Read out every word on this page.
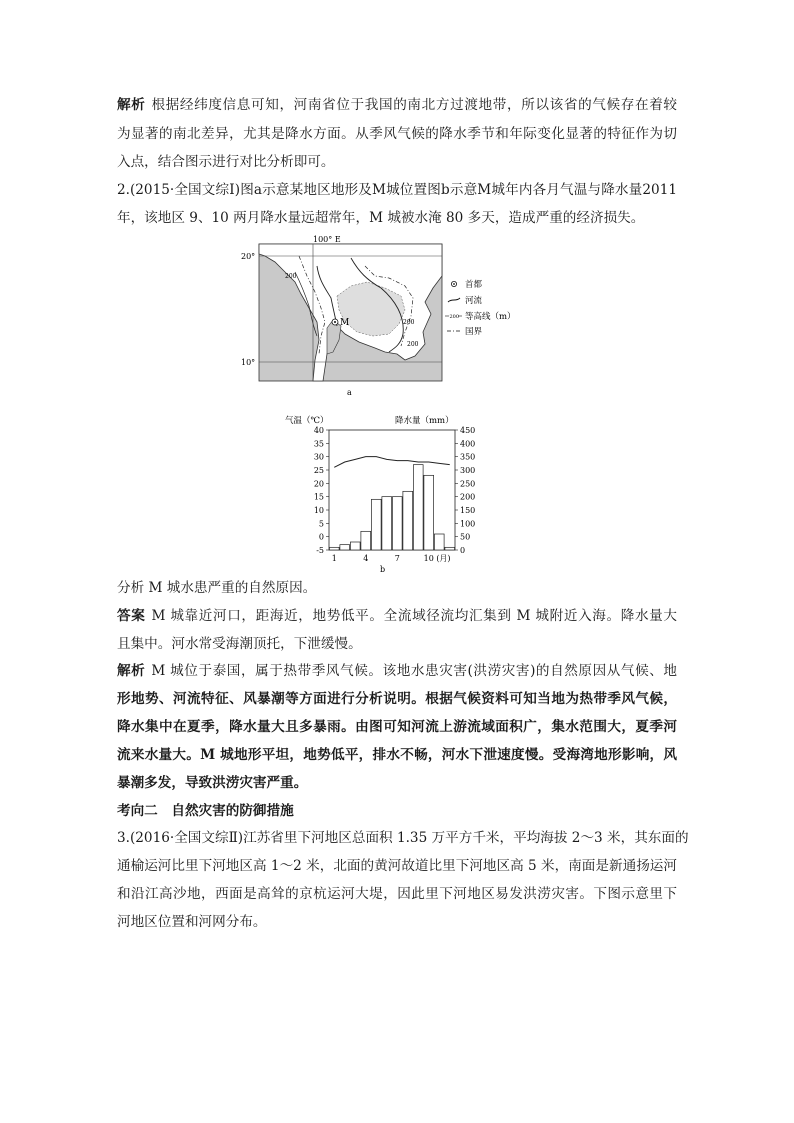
解析 根据经纬度信息可知，河南省位于我国的南北方过渡地带，所以该省的气候存在着较
为显著的南北差异，尤其是降水方面。从季风气候的降水季节和年际变化显著的特征作为切
入点，结合图示进行对比分析即可。
2.(2015·全国文综Ⅰ)图a示意某地区地形及M城位置图b示意M城年内各月气温与降水量2011
年，该地区 9、10 两月降水量远超常年，M 城被水淹 80 多天，造成严重的经济损失。
100° E
20°
10°
200
200
200
M
首都
河流
200 等高线（m）
国界
a
气温（℃）	降水量（mm）
b
40
35
30
25
20
15
10
5
0
-5
450
400
350
300
250
200
150
100
50
0
1	4	7	10 (月)
分析 M 城水患严重的自然原因。
答案 M 城靠近河口，距海近，地势低平。全流域径流均汇集到 M 城附近入海。降水量大
且集中。河水常受海潮顶托，下泄缓慢。
解析 M 城位于泰国，属于热带季风气候。该地水患灾害(洪涝灾害)的自然原因从气候、地
形地势、河流特征、风暴潮等方面进行分析说明。根据气候资料可知当地为热带季风气候，
降水集中在夏季，降水量大且多暴雨。由图可知河流上游流域面积广，集水范围大，夏季河
流来水量大。M 城地形平坦，地势低平，排水不畅，河水下泄速度慢。受海湾地形影响，风
暴潮多发，导致洪涝灾害严重。
考向二　自然灾害的防御措施
3.(2016·全国文综Ⅱ)江苏省里下河地区总面积 1.35 万平方千米，平均海拔 2～3 米，其东面的
通榆运河比里下河地区高 1～2 米，北面的黄河故道比里下河地区高 5 米，南面是新通扬运河
和沿江高沙地，西面是高耸的京杭运河大堤，因此里下河地区易发洪涝灾害。下图示意里下
河地区位置和河网分布。
